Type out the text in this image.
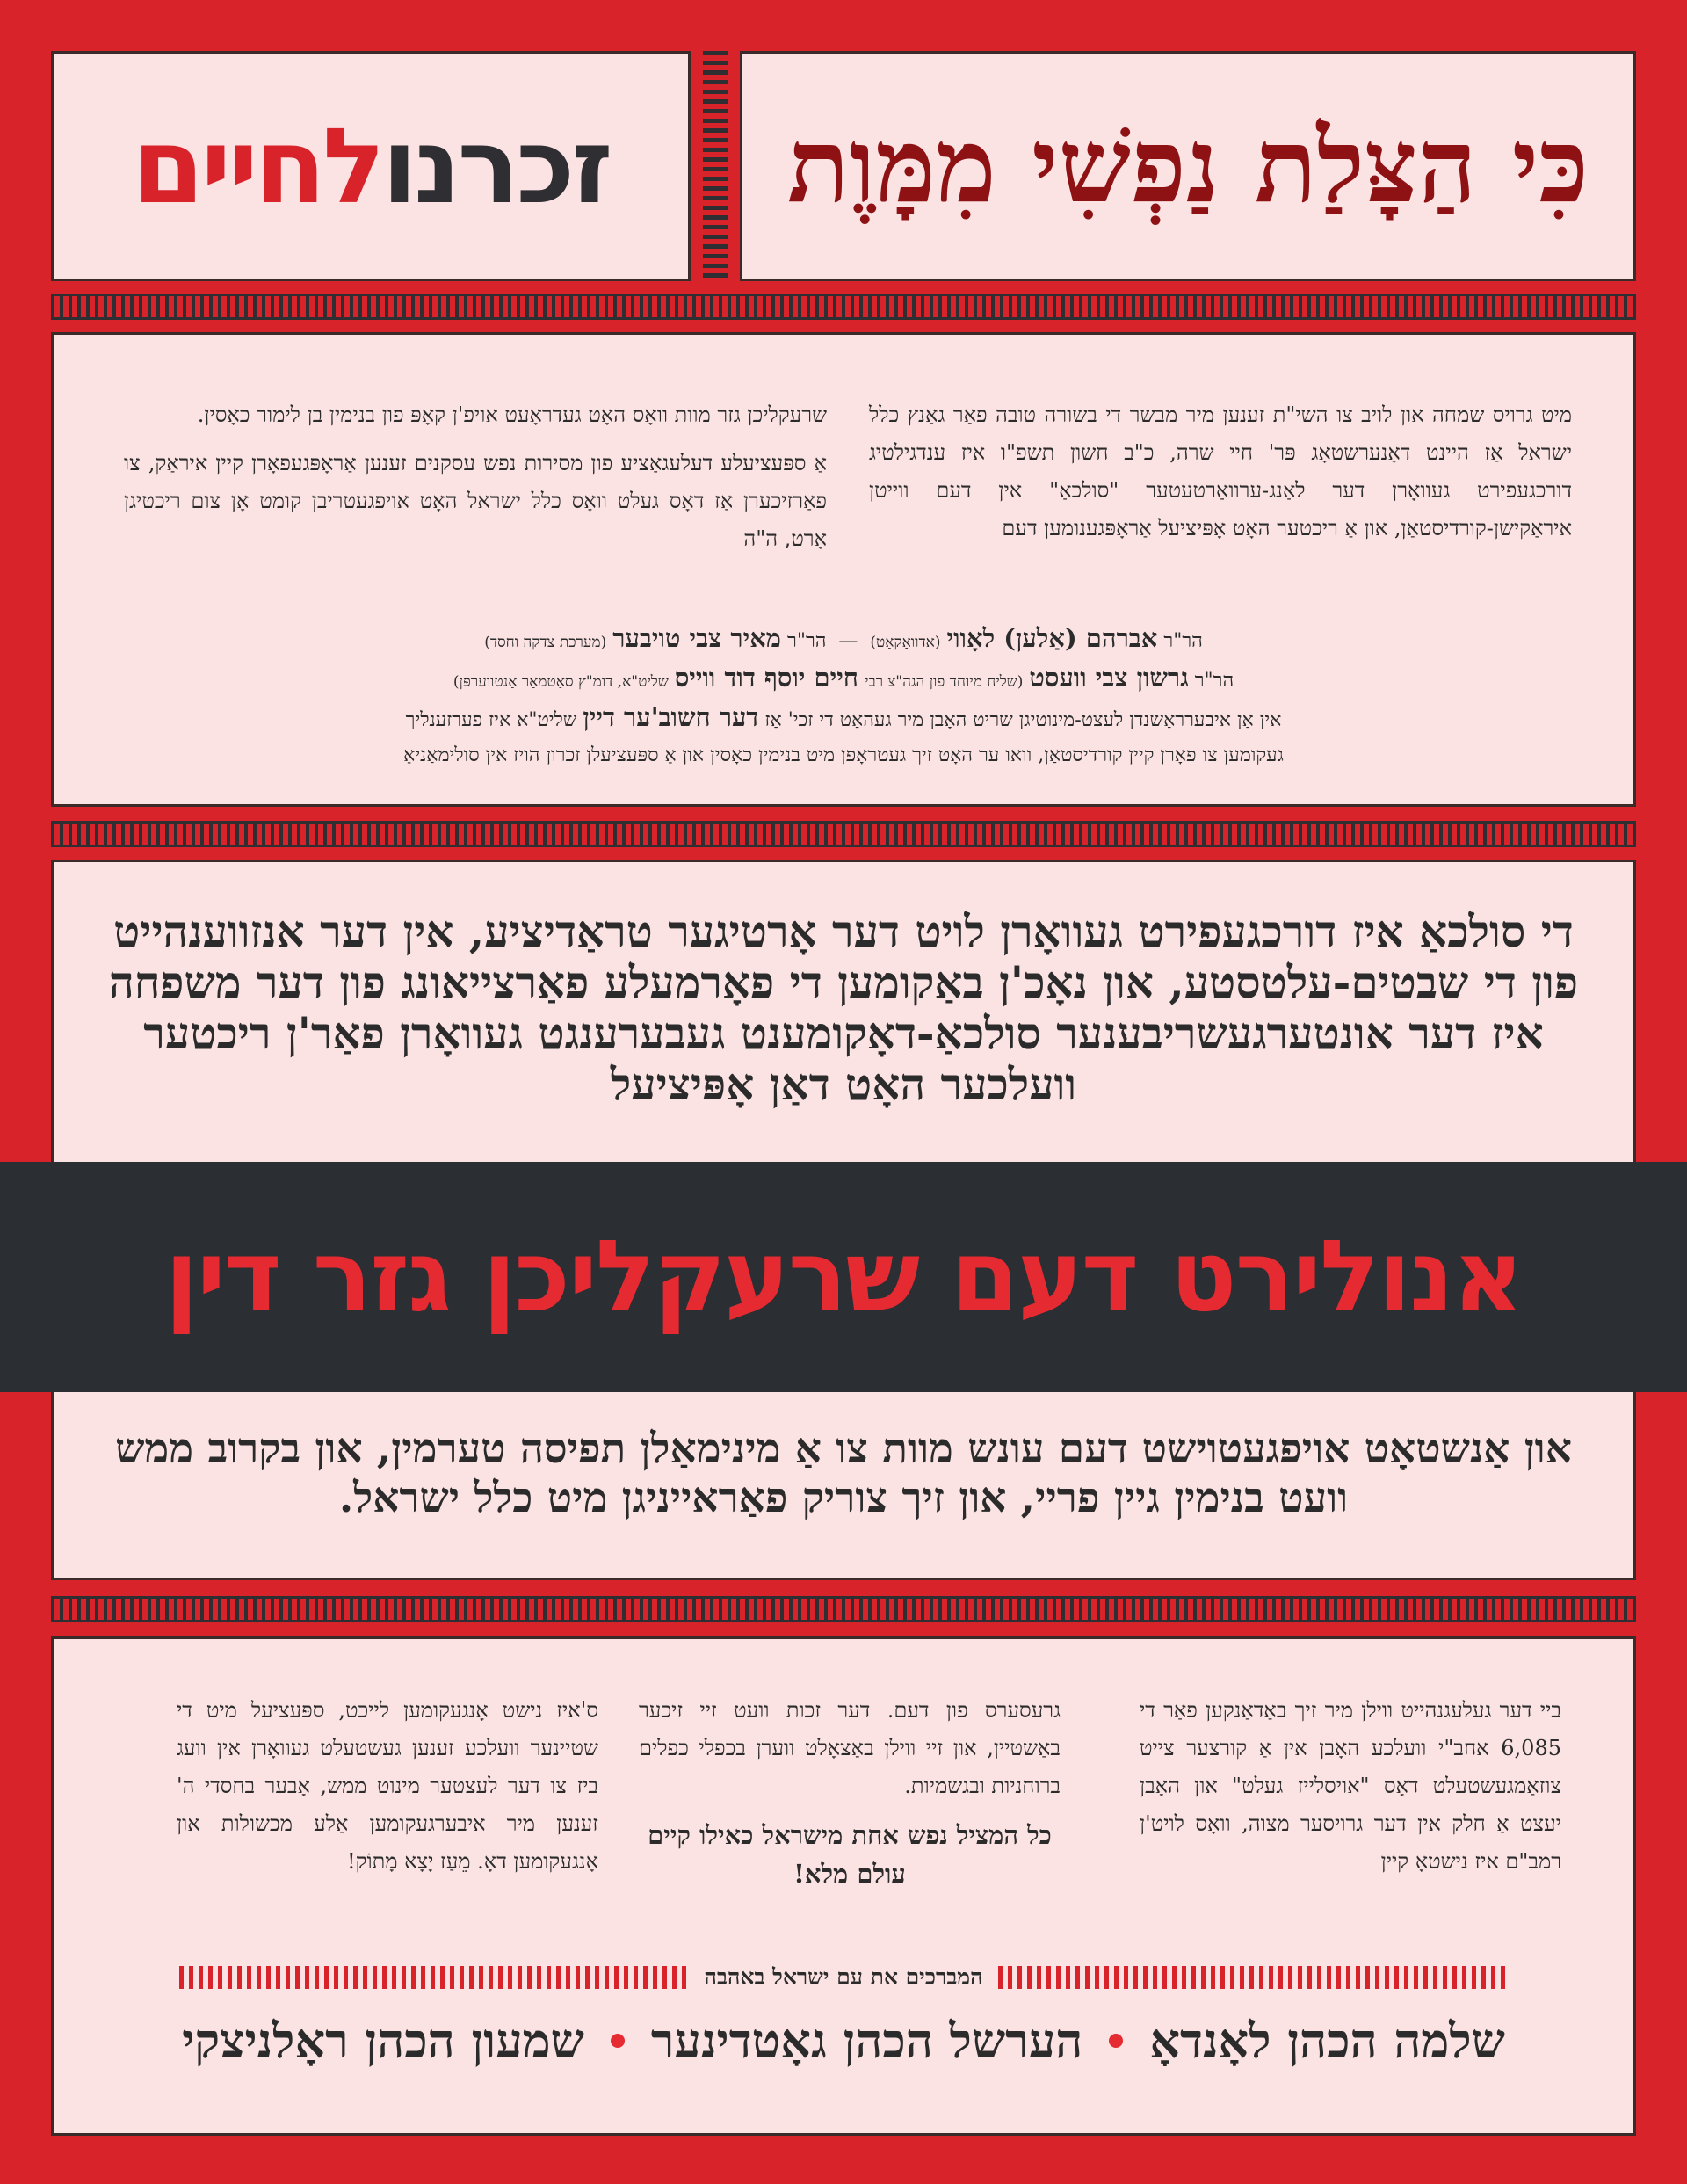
זכרנולחיים	כִּי הַצָּלַת נַפְשִׁי מִמָּוֶת
מיט גרויס שמחה און לויב צו השי"ת זענען מיר מבשר די בשורה טובה פאַר גאַנץ כלל ישראל אַז היינט דאָנערשטאָג פּר' חיי שרה, כ"ב חשון תשפ"ו איז ענדגילטיג דורכגעפירט געוואָרן דער לאַנג-ערוואַרטעטער "סולכאַ" אין דעם ווייטן איראַקישן-קורדיסטאַן, און אַ ריכטער האָט אָפּיציעל אַראָפּגענומען דעם

שרעקליכן גזר מוות וואָס האָט געדראָעט אויפ'ן קאָפּ פון בנימין בן לימור כאָסין.

אַ ספּעציעלע דעלעגאַציע פון מסירות נפש עסקנים זענען אַראָפּגעפאָרן קיין איראַק, צו פאַרזיכערן אַז דאָס געלט וואָס כלל ישראל האָט אויפגעטריבן קומט אָן צום ריכטיגן אָרט, ה"ה

הר"ר אברהם (אַלען) לאָווי (אדוואָקאַט)  —  הר"ר מאיר צבי טויבער (מערכת צדקה וחסד)
הר"ר גרשון צבי וועסט (שליח מיוחד פון הגה"צ רבי חיים יוסף דוד ווייס שליט"א, דומ"ץ סאַטמאַר אַנטווערפּן)
אין אַן איבערראַשנדן לעצט-מינוטיגן שריט האָבן מיר געהאַט די זכי' אַז דער חשוב'ער דיין שליט"א איז פערזענליך
געקומען צו פאָרן קיין קורדיסטאַן, וואו ער האָט זיך געטראָפן מיט בנימין כאָסין און אַ ספּעציעלן זכרון הויז אין סולימאַניאַ
די סולכאַ איז דורכגעפירט געוואָרן לויט דער אָרטיגער טראַדיציע, אין דער אנזווענהייט פון די שבטים-עלטסטע, און נאָכ'ן באַקומען די פאָרמעלע פאַרצייאונג פון דער משפחה איז דער אונטערגעשריבענער סולכאַ-דאָקומענט געבערענגט געוואָרן פאַר'ן ריכטער וועלכער האָט דאַן אָפּיציעל
און אַנשטאָט אויפגעטוישט דעם עונש מוות צו אַ מינימאַלן תפיסה טערמין, און בקרוב ממש וועט בנימין גיין פריי, און זיך צוריק פאַראייניגן מיט כלל ישראל.
אנולירט דעם שרעקליכן גזר דין
ביי דער געלעגנהייט ווילן מיר זיך באַדאַנקען פאַר די 6,085 אחב"י וועלכע האָבן אין אַ קורצער צייט צוזאַמגעשטעלט דאָס "אויסלייז געלט" און האָבן יעצט אַ חלק אין דער גרויסער מצוה, וואָס לויט'ן רמב"ם איז נישטאָ קיין
גרעסערס פון דעם. דער זכות וועט זיי זיכער באַשטיין, און זיי ווילן באַצאָלט ווערן בכפלי כפלים ברוחניות ובגשמיות.
כל המציל נפש אחת מישראל כאילו קיים עולם מלא!
ס'איז נישט אָנגעקומען לייכט, ספּעציעל מיט די שטיינער וועלכע זענען געשטעלט געוואָרן אין וועג ביז צו דער לעצטער מינוט ממש, אָבער בחסדי ה' זענען מיר איבערגעקומען אַלע מכשולות און אָנגעקומען דאָ. מֵעַז יָצָא מָתוֹק!
המברכים את עם ישראל באהבה
שמעון הכהן ראָלניצקי הערשל הכהן גאָטדינער שלמה הכהן לאָנדאָ
